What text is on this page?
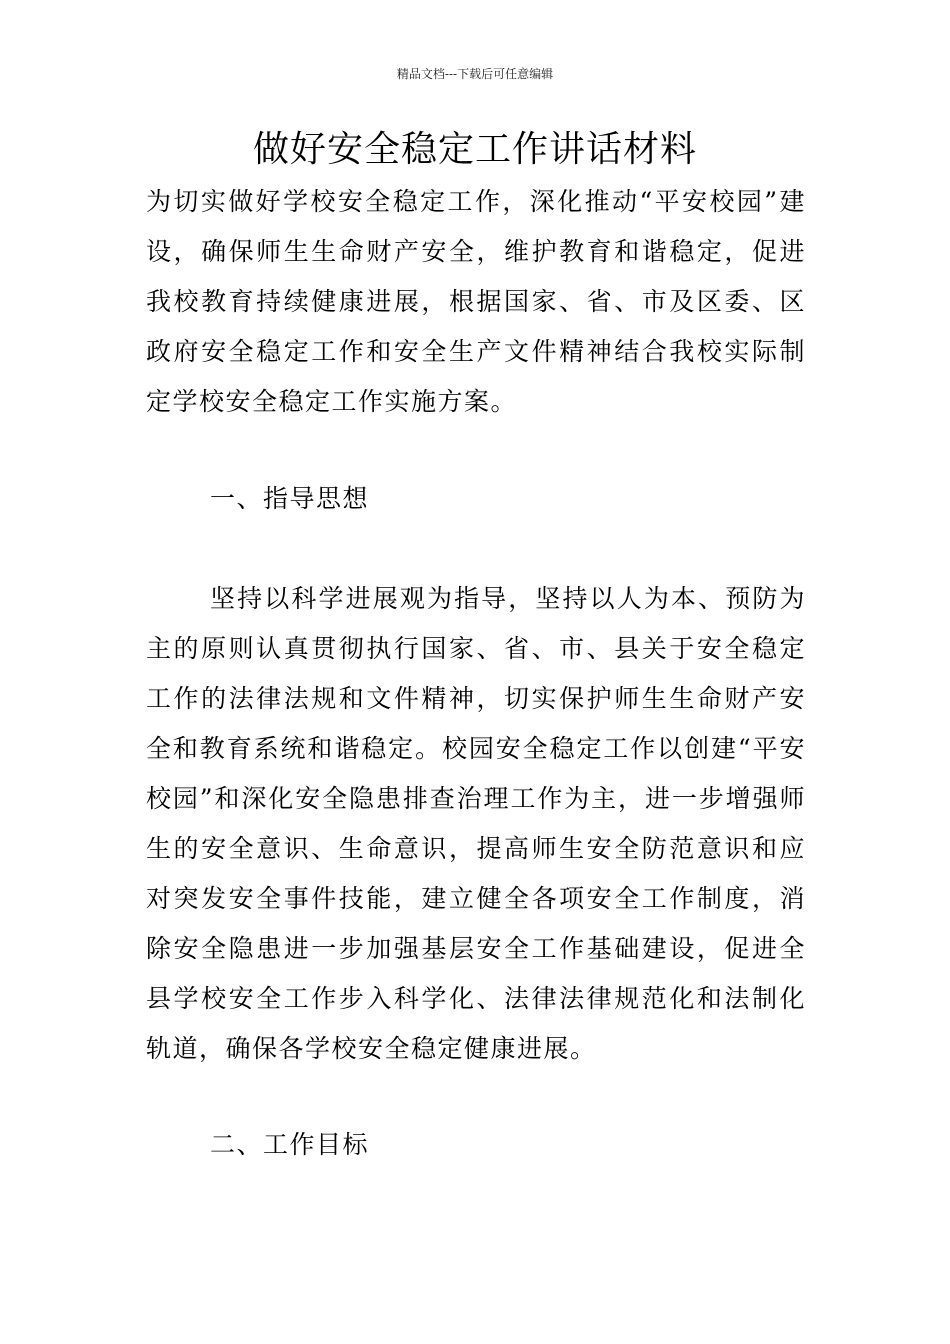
精品文档---下载后可任意编辑
做好安全稳定工作讲话材料

为切实做好学校安全稳定工作，深化推动“平安校园”建设，确保师生生命财产安全，维护教育和谐稳定，促进我校教育持续健康进展，根据国家、省、市及区委、区政府安全稳定工作和安全生产文件精神结合我校实际制定学校安全稳定工作实施方案。

一、指导思想

坚持以科学进展观为指导，坚持以人为本、预防为主的原则认真贯彻执行国家、省、市、县关于安全稳定工作的法律法规和文件精神，切实保护师生生命财产安全和教育系统和谐稳定。校园安全稳定工作以创建“平安校园”和深化安全隐患排查治理工作为主，进一步增强师生的安全意识、生命意识，提高师生安全防范意识和应对突发安全事件技能，建立健全各项安全工作制度，消除安全隐患进一步加强基层安全工作基础建设，促进全县学校安全工作步入科学化、法律法律规范化和法制化轨道，确保各学校安全稳定健康进展。

二、工作目标
